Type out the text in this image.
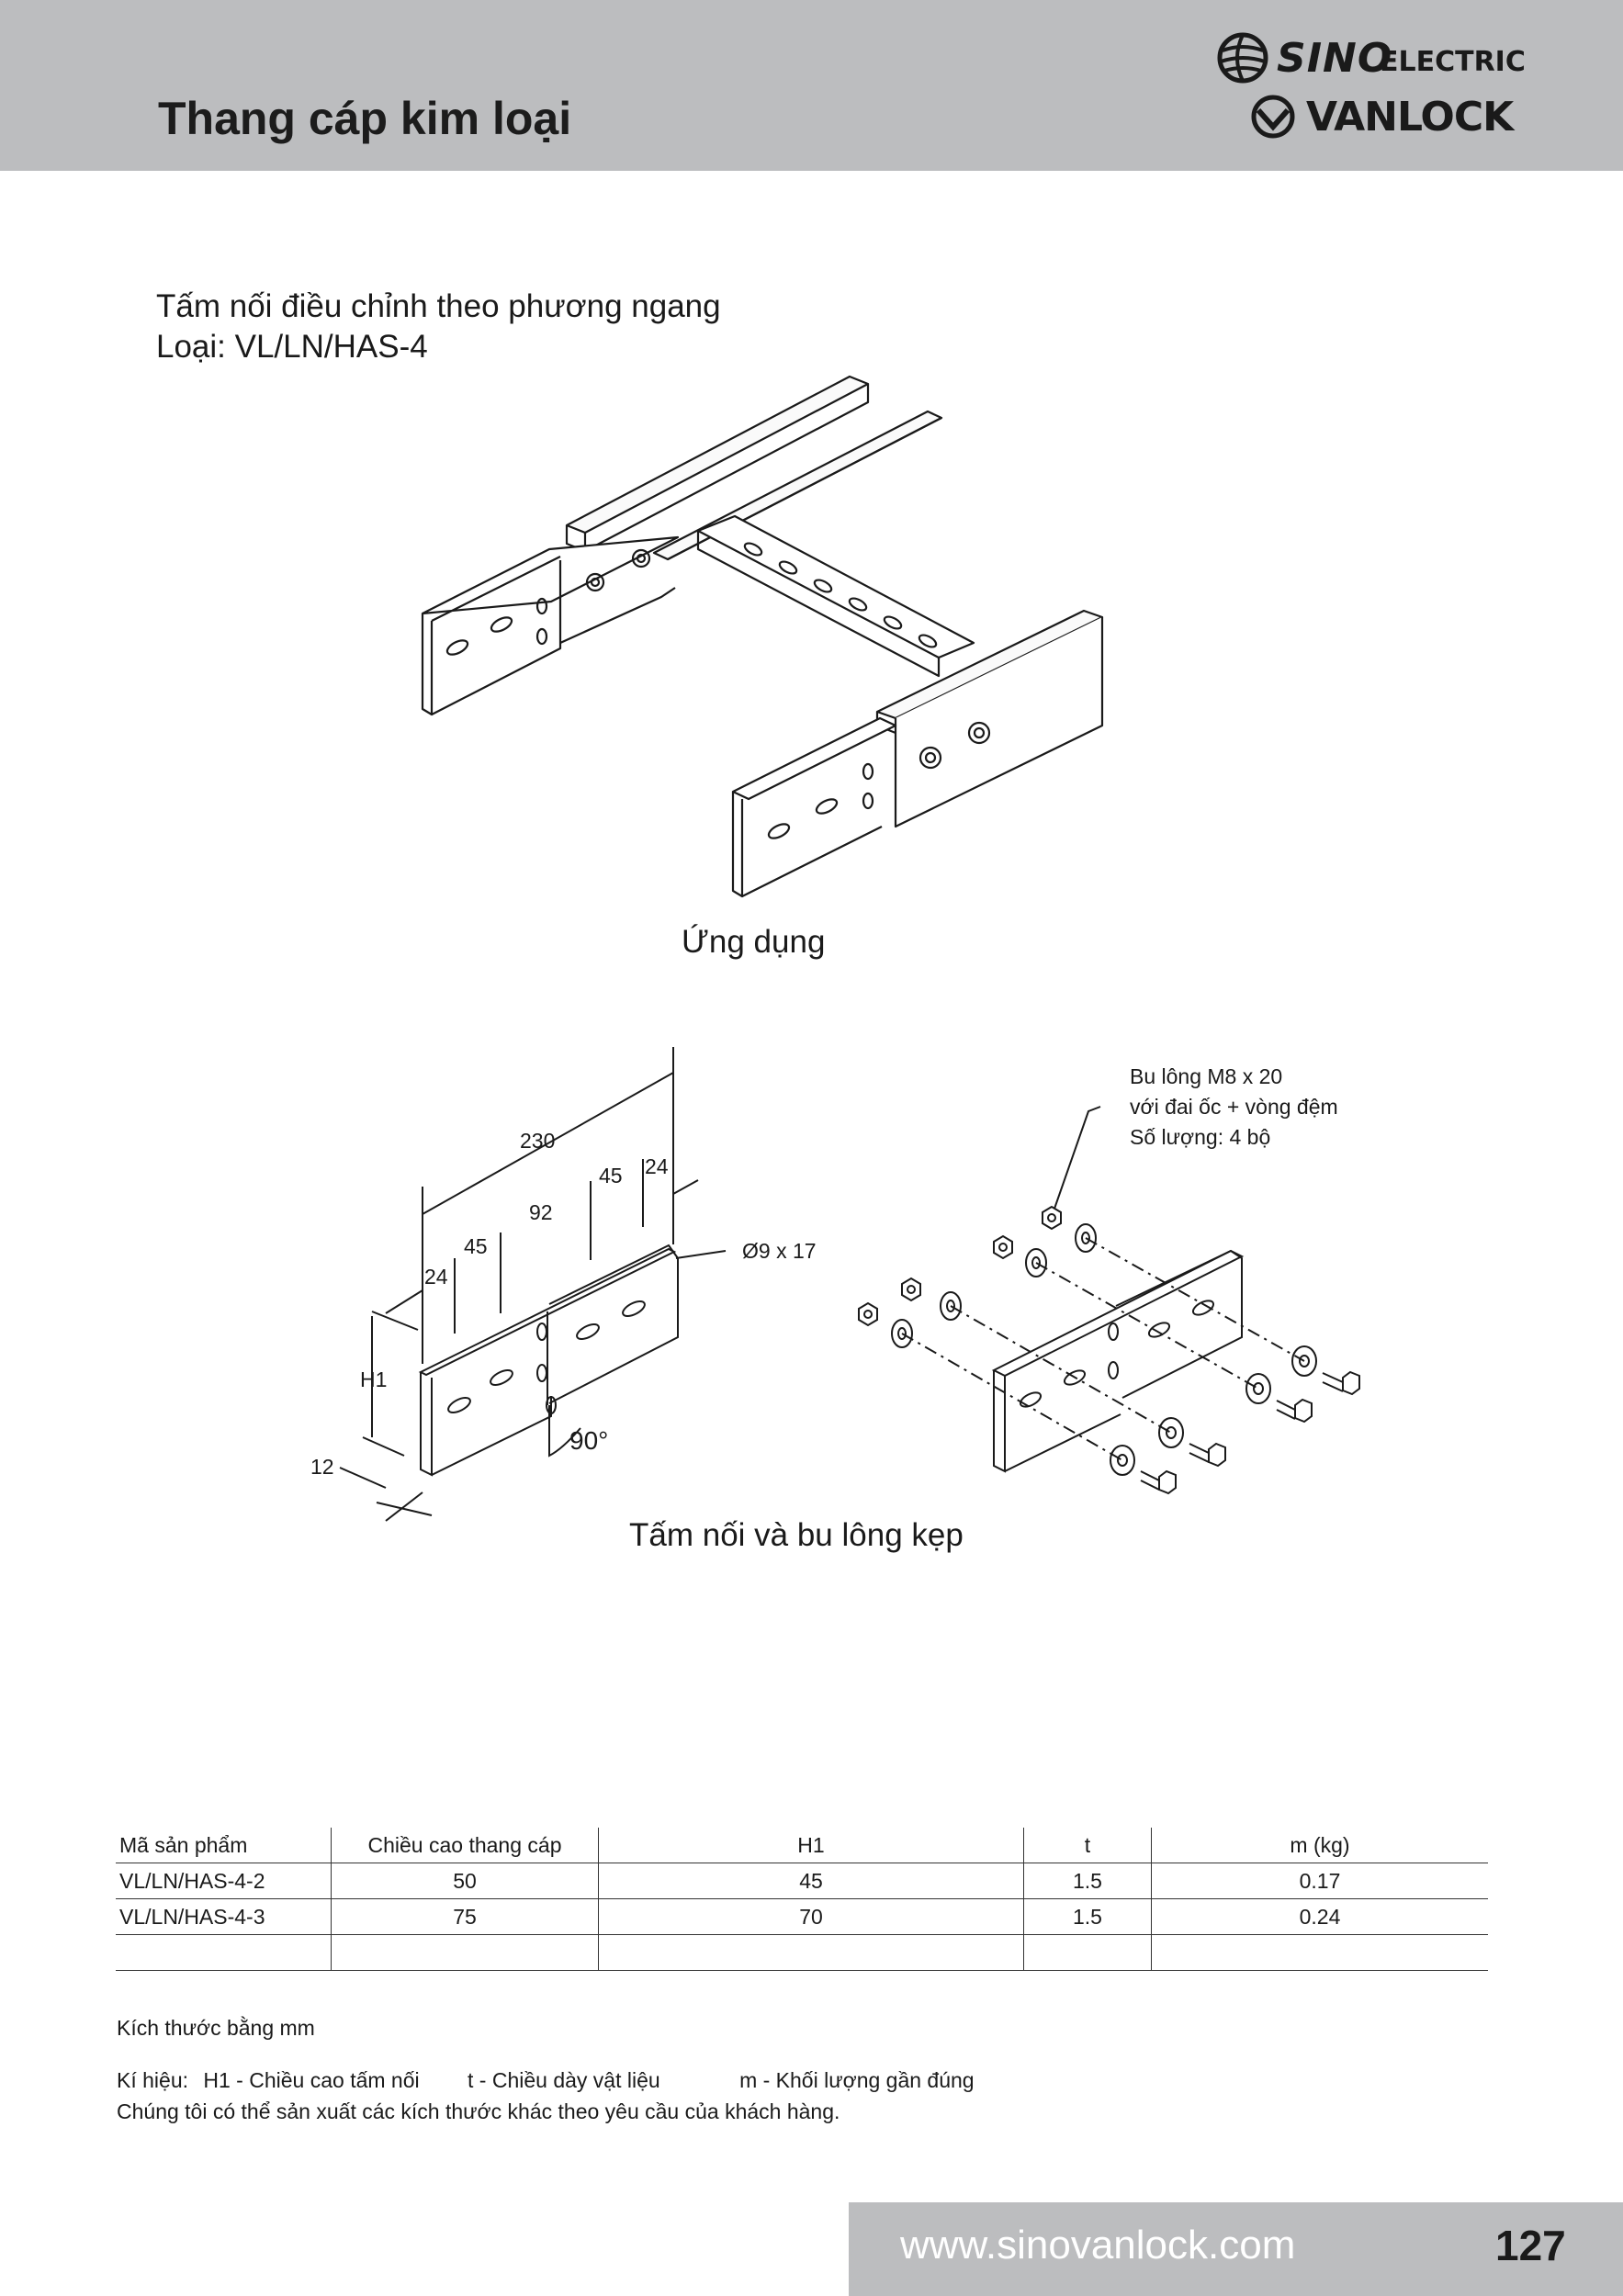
Thang cáp kim loại
SINO
ELECTRIC
VANLOCK
Tấm nối điều chỉnh theo phương ngang
Loại: VL/LN/HAS-4
230
45 24
92
45
24
H1
12
90°
Ø9 x 17
Bu lông M8 x 20
với đai ốc + vòng đệm
Số lượng: 4 bộ
Ứng dụng
Tấm nối và bu lông kẹp
Mã sản phẩm	Chiều cao thang cáp	H1	t	m (kg)
VL/LN/HAS-4-2	50	45	1.5	0.17
VL/LN/HAS-4-3	75	70	1.5	0.24

Kích thước bằng mm
Kí hiệu: H1 - Chiều cao tấm nối t - Chiều dày vật liệu	m - Khối lượng gần đúng
Chúng tôi có thể sản xuất các kích thước khác theo yêu cầu của khách hàng.
www.sinovanlock.com	127
